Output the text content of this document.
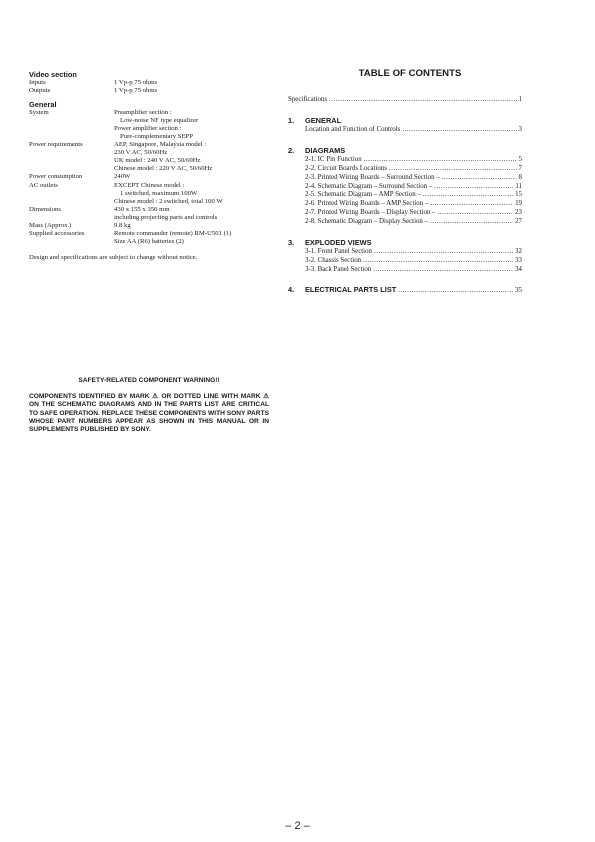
Video section
Inputs	1 Vp-p 75 ohms
Outputs	1 Vp-p 75 ohms
General
System	Preamplifier section :
Low-noise NF type equalizer
Power amplifier section :
Pure-complementary SEPP
Power requirements	AEP, Singapore, Malaysia model :
230 V AC, 50/60Hz
UK model : 240 V AC, 50/60Hz
Chinese model : 220 V AC, 50/60Hz
Power consumption	240W
AC outlets	EXCEPT Chinese model :
1 switched, maximum 100W
Chinese model : 2 switched, total 100 W
Dimensions	430 x 155 x 350 mm
including projecting parts and controls
Mass (Approx.)	9.8 kg
Supplied accessories	Remote commander (remote) RM-U501 (1)
Size AA (R6) batteries (2)
Design and specifications are subject to change without notice.
SAFETY-RELATED COMPONENT WARNING!!
COMPONENTS IDENTIFIED BY MARK ⚠ OR DOTTED LINE WITH MARK ⚠ ON THE SCHEMATIC DIAGRAMS AND IN THE PARTS LIST ARE CRITICAL TO SAFE OPERATION. REPLACE THESE COMPONENTS WITH SONY PARTS WHOSE PART NUMBERS APPEAR AS SHOWN IN THIS MANUAL OR IN SUPPLEMENTS PUBLISHED BY SONY.
TABLE OF CONTENTS
Specifications .....	1
1.	GENERAL
Location and Function of Controls .....	3
2.	DIAGRAMS
2-1. IC Pin Function .....	5
2-2. Circuit Boards Locations .....	7
2-3. Printed Wiring Boards – Surround Section – .....	8
2-4. Schematic Diagram – Surround Section – .....	11
2-5. Schematic Diagram – AMP Section – .....	15
2-6. Printed Wiring Boards – AMP Section – .....	19
2-7. Printed Wiring Boards – Display Section – .....	23
2-8. Schematic Diagram – Display Section – .....	27
3.	EXPLODED VIEWS
3-1. Front Panel Section .....	32
3-2. Chassis Section .....	33
3-3. Back Panel Section .....	34
4. ELECTRICAL PARTS LIST .....	35
– 2 –
